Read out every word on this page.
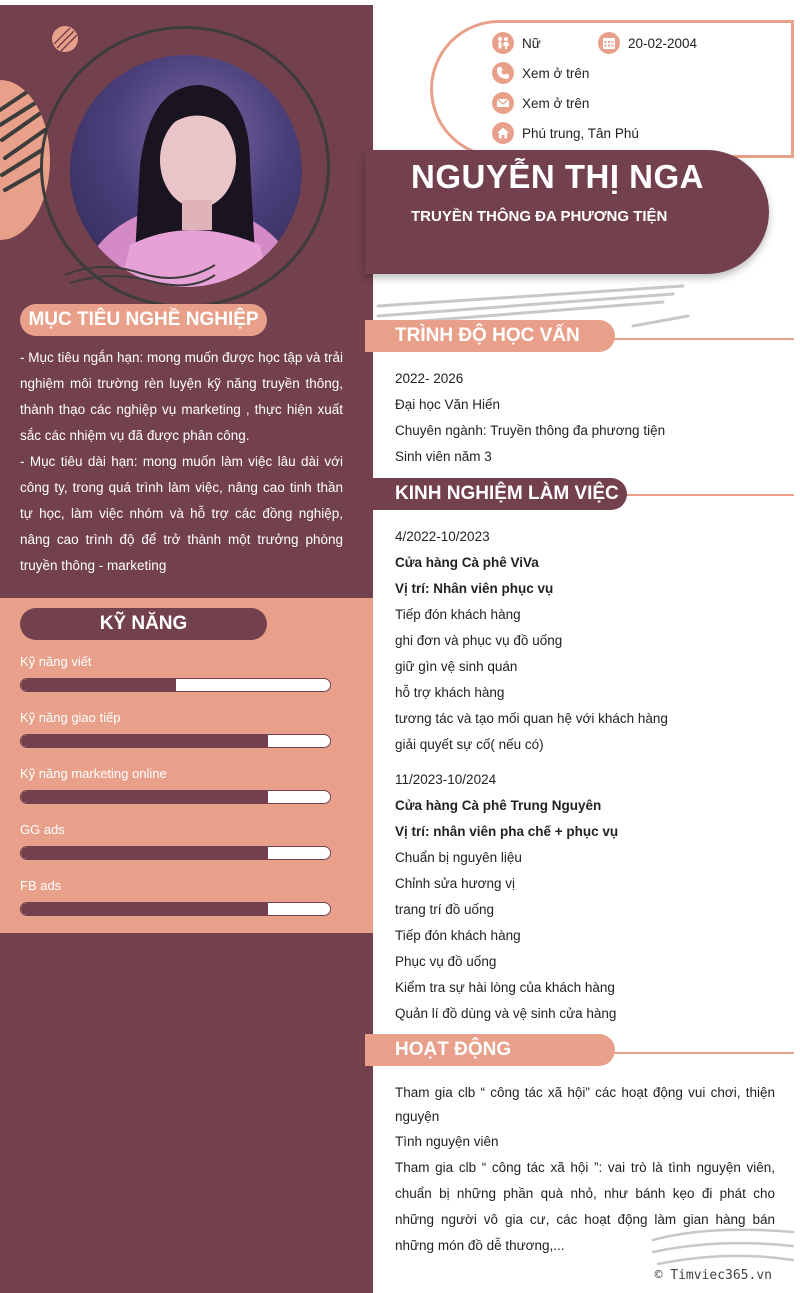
MỤC TIÊU NGHỀ NGHIỆP
- Mục tiêu ngắn hạn: mong muốn được học tập và trải nghiệm môi trường rèn luyện kỹ năng truyền thông, thành thạo các nghiệp vụ marketing , thực hiện xuất sắc các nhiệm vụ đã được phân công.
- Mục tiêu dài hạn: mong muốn làm việc lâu dài với công ty, trong quá trình làm việc, nâng cao tinh thần tự học, làm việc nhóm và hỗ trợ các đồng nghiệp, nâng cao trình độ để trở thành một trưởng phòng truyền thông - marketing
KỸ NĂNG
Kỹ năng viết
Kỹ năng giao tiếp
Kỹ năng marketing online
GG ads
FB ads
Nữ	20-02-2004
Xem ở trên
Xem ở trên
Phú trung, Tân Phú
NGUYỄN THỊ NGA
TRUYỀN THÔNG ĐA PHƯƠNG TIỆN
TRÌNH ĐỘ HỌC VẤN
2022- 2026
Đại học Văn Hiến
Chuyên ngành: Truyền thông đa phương tiện
Sinh viên năm 3
KINH NGHIỆM LÀM VIỆC
4/2022-10/2023
Cửa hàng Cà phê ViVa
Vị trí: Nhân viên phục vụ
Tiếp đón khách hàng
ghi đơn và phục vụ đồ uống
giữ gìn vệ sinh quán
hỗ trợ khách hàng
tương tác và tạo mối quan hệ với khách hàng
giải quyết sự cố( nếu có)
11/2023-10/2024
Cửa hàng Cà phê Trung Nguyên
Vị trí: nhân viên pha chế + phục vụ
Chuẩn bị nguyên liệu
Chỉnh sửa hương vị
trang trí đồ uống
Tiếp đón khách hàng
Phục vụ đồ uống
Kiểm tra sự hài lòng của khách hàng
Quản lí đồ dùng và vệ sinh cửa hàng
HOẠT ĐỘNG
Tham gia clb “ công tác xã hội” các hoạt động vui chơi, thiện nguyện
Tình nguyện viên
Tham gia clb “ công tác xã hội ”: vai trò là tình nguyện viên, chuẩn bị những phần quà nhỏ, như bánh kẹo đi phát cho những người vô gia cư, các hoạt động làm gian hàng bán những món đồ dễ thương,...
© Timviec365.vn
